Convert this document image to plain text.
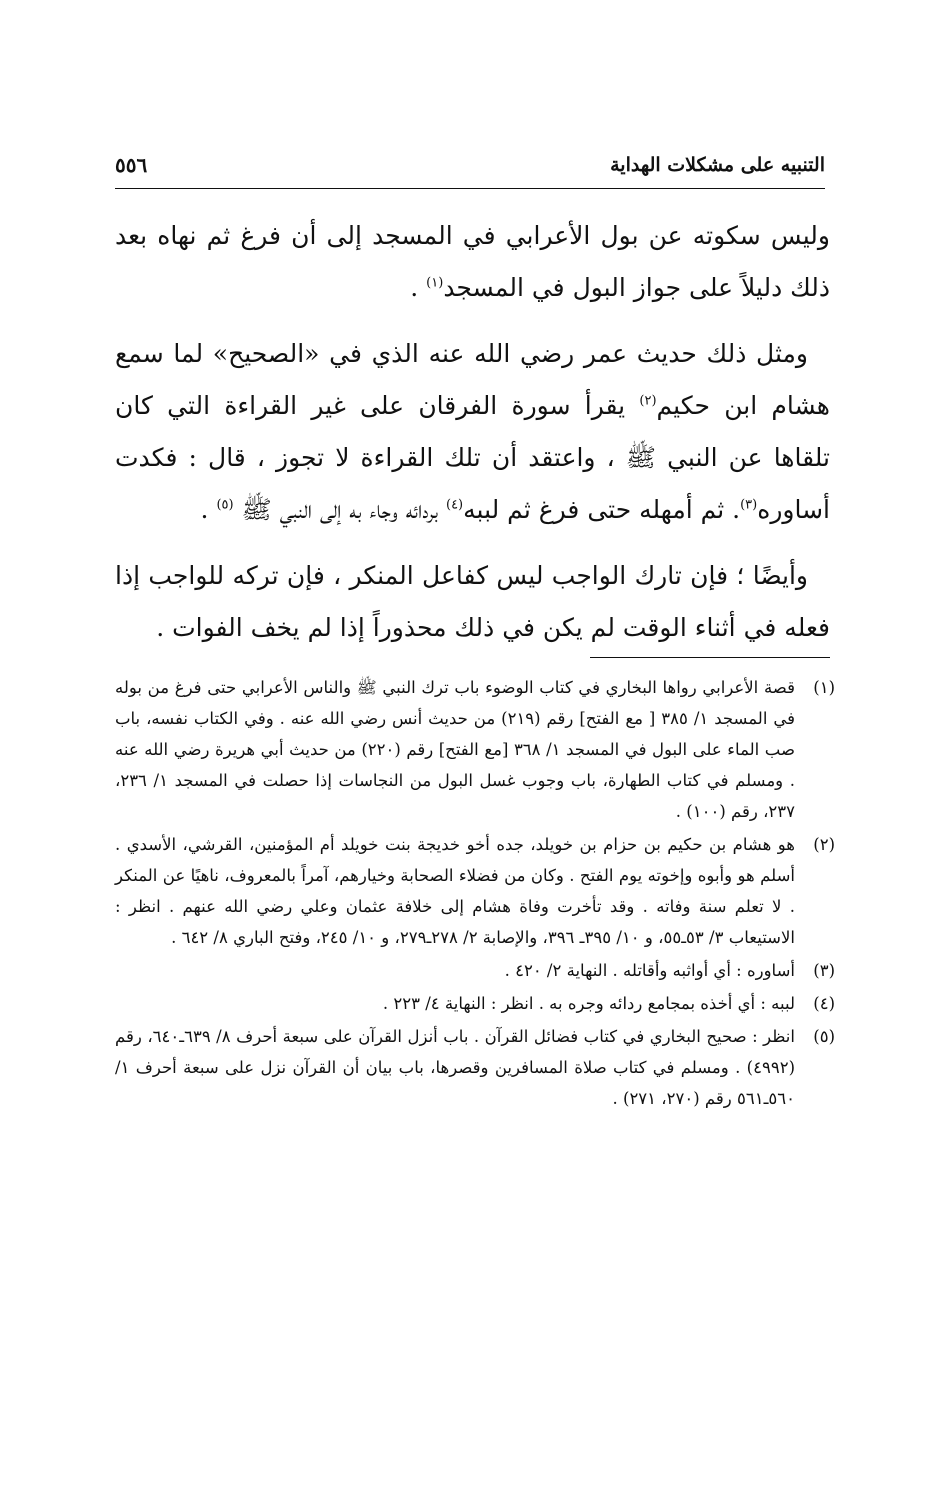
التنبيه على مشكلات الهداية
٥٥٦

وليس سكوته عن بول الأعرابي في المسجد إلى أن فرغ ثم نهاه بعد ذلك دليلاً على جواز البول في المسجد$^{(١)}$ .

ومثل ذلك حديث عمر رضي الله عنه الذي في «الصحيح» لما سمع هشام ابن حكيم$^{(٢)}$ يقرأ سورة الفرقان على غير القراءة التي كان تلقاها عن النبي ﷺ ، واعتقد أن تلك القراءة لا تجوز ، قال : فكدت أساوره$^{(٣)}$. ثم أمهله حتى فرغ ثم لببه$^{(٤)}$ بردائه وجاء به إلى النبي ﷺ $^{(٥)}$ .

وأيضًا ؛ فإن تارك الواجب ليس كفاعل المنكر ، فإن تركه للواجب إذا فعله في أثناء الوقت لم يكن في ذلك محذوراً إذا لم يخف الفوات .

(١)
قصة الأعرابي رواها البخاري في كتاب الوضوء باب ترك النبي ﷺ والناس الأعرابي حتى فرغ من بوله في المسجد ١/ ٣٨٥ [ مع الفتح] رقم (٢١٩) من حديث أنس رضي الله عنه . وفي الكتاب نفسه، باب صب الماء على البول في المسجد ١/ ٣٦٨ [مع الفتح] رقم (٢٢٠) من حديث أبي هريرة رضي الله عنه . ومسلم في كتاب الطهارة، باب وجوب غسل البول من النجاسات إذا حصلت في المسجد ١/ ٢٣٦، ٢٣٧، رقم (١٠٠) .
(٢)
هو هشام بن حكيم بن حزام بن خويلد، جده أخو خديجة بنت خويلد أم المؤمنين، القرشي، الأسدي . أسلم هو وأبوه وإخوته يوم الفتح . وكان من فضلاء الصحابة وخيارهم، آمراً بالمعروف، ناهيًا عن المنكر . لا تعلم سنة وفاته . وقد تأخرت وفاة هشام إلى خلافة عثمان وعلي رضي الله عنهم . انظر : الاستيعاب ٣/ ٥٣ـ٥٥، و ١٠/ ٣٩٥ـ ٣٩٦، والإصابة ٢/ ٢٧٨ـ٢٧٩، و ١٠/ ٢٤٥، وفتح الباري ٨/ ٦٤٢ .
(٣)
أساوره : أي أواثبه وأقاتله . النهاية ٢/ ٤٢٠ .
(٤)
لببه : أي أخذه بمجامع ردائه وجره به . انظر : النهاية ٤/ ٢٢٣ .
(٥)
انظر : صحيح البخاري في كتاب فضائل القرآن . باب أنزل القرآن على سبعة أحرف ٨/ ٦٣٩ـ٦٤٠، رقم (٤٩٩٢) . ومسلم في كتاب صلاة المسافرين وقصرها، باب بيان أن القرآن نزل على سبعة أحرف ١/ ٥٦٠ـ٥٦١ رقم (٢٧٠، ٢٧١) .
